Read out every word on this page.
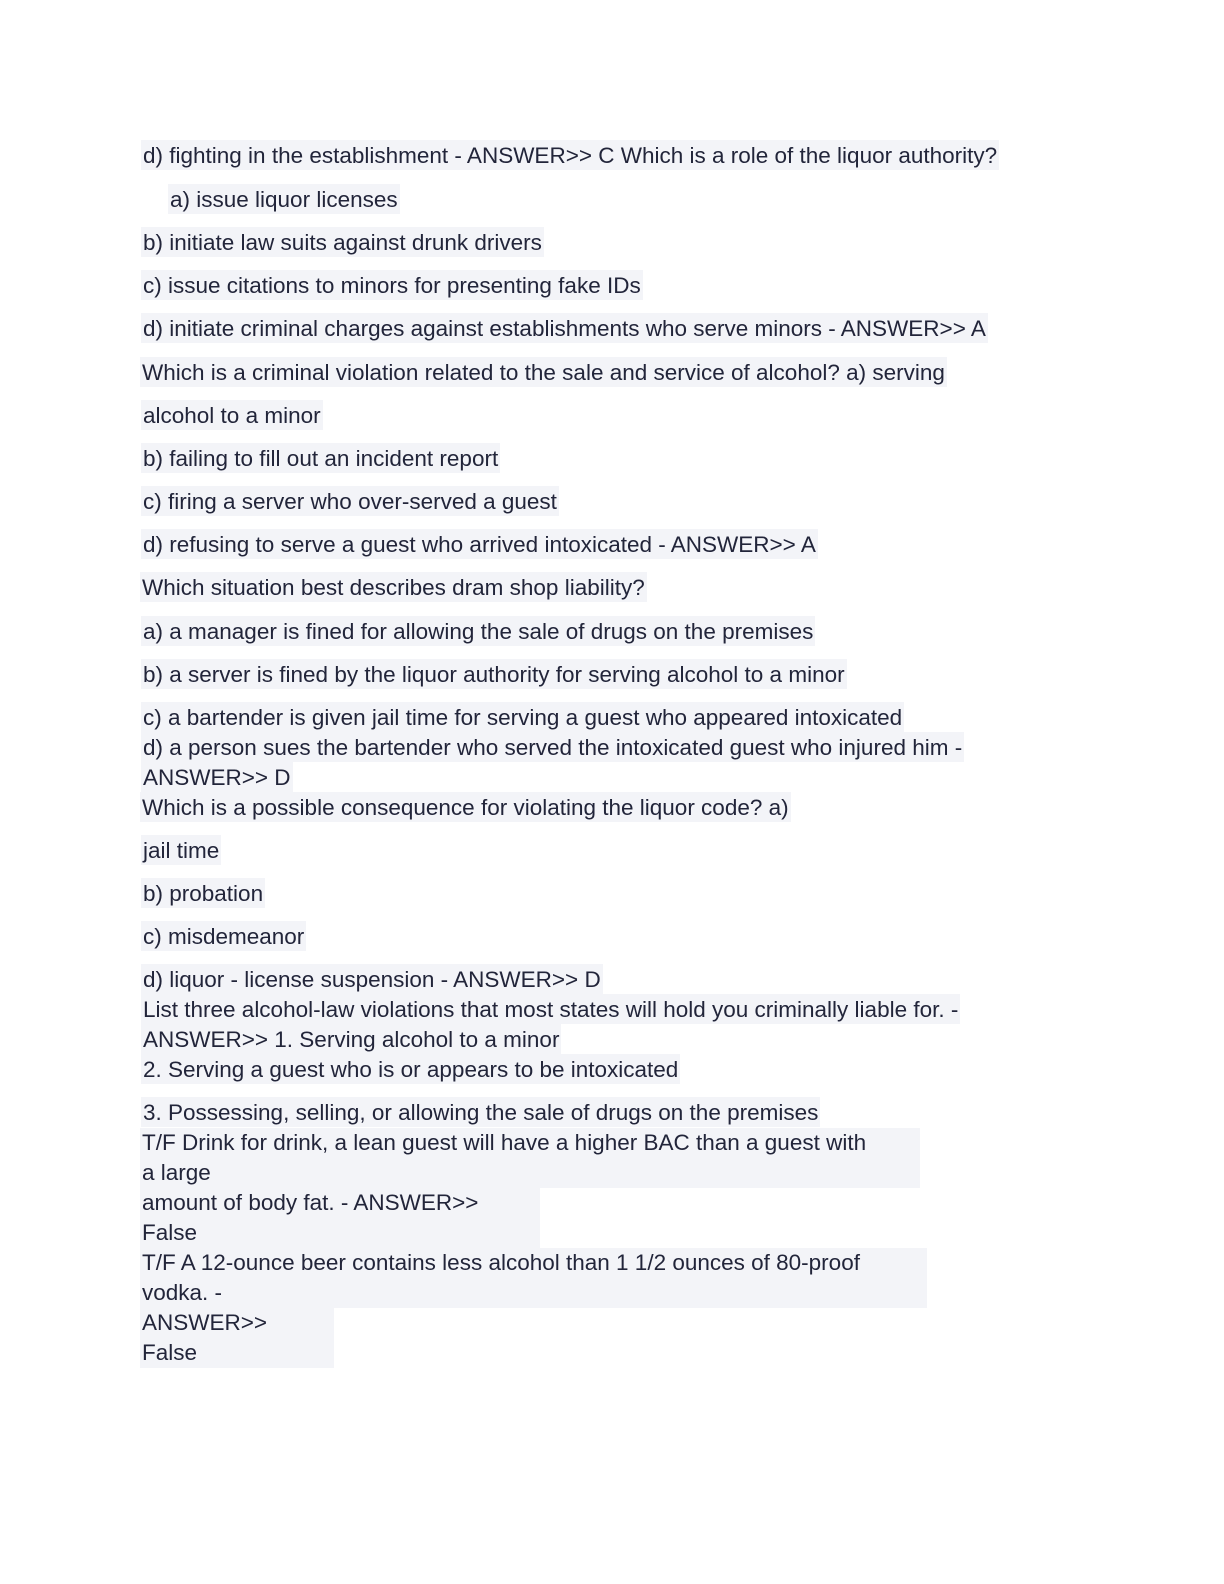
d) fighting in the establishment - ANSWER>> C Which is a role of the liquor authority?
a) issue liquor licenses
b) initiate law suits against drunk drivers
c) issue citations to minors for presenting fake IDs
d) initiate criminal charges against establishments who serve minors - ANSWER>> A
Which is a criminal violation related to the sale and service of alcohol? a) serving
alcohol to a minor
b) failing to fill out an incident report
c) firing a server who over-served a guest
d) refusing to serve a guest who arrived intoxicated - ANSWER>> A
Which situation best describes dram shop liability?
a) a manager is fined for allowing the sale of drugs on the premises
b) a server is fined by the liquor authority for serving alcohol to a minor
c) a bartender is given jail time for serving a guest who appeared intoxicated
d) a person sues the bartender who served the intoxicated guest who injured him -
ANSWER>> D
Which is a possible consequence for violating the liquor code? a)
jail time
b) probation
c) misdemeanor
d) liquor - license suspension - ANSWER>> D
List three alcohol-law violations that most states will hold you criminally liable for. -
ANSWER>> 1. Serving alcohol to a minor
2. Serving a guest who is or appears to be intoxicated
3. Possessing, selling, or allowing the sale of drugs on the premises
T/F Drink for drink, a lean guest will have a higher BAC than a guest with
a large
amount of body fat. - ANSWER>>
False
T/F A 12-ounce beer contains less alcohol than 1 1/2 ounces of 80-proof
vodka. -
ANSWER>>
False
